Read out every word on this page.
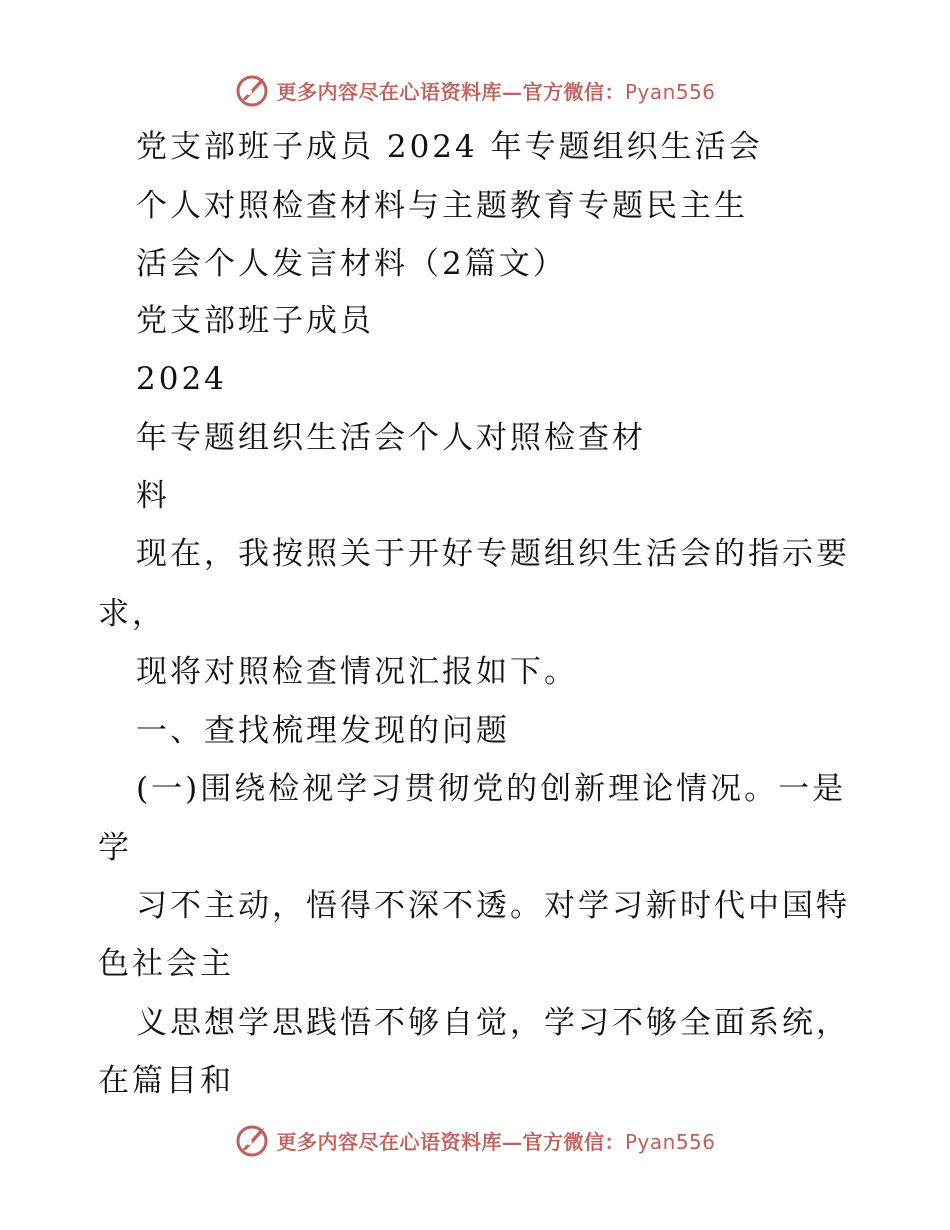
更多内容尽在心语资料库—官方微信：Pyan556
党支部班子成员 2024 年专题组织生活会
个人对照检查材料与主题教育专题民主生
活会个人发言材料（2篇文）
党支部班子成员
2024
年专题组织生活会个人对照检查材
料
现在，我按照关于开好专题组织生活会的指示要
求，
现将对照检查情况汇报如下。
一、查找梳理发现的问题
(一)围绕检视学习贯彻党的创新理论情况。一是
学
习不主动，悟得不深不透。对学习新时代中国特
色社会主
义思想学思践悟不够自觉，学习不够全面系统，
在篇目和
更多内容尽在心语资料库—官方微信：Pyan556
